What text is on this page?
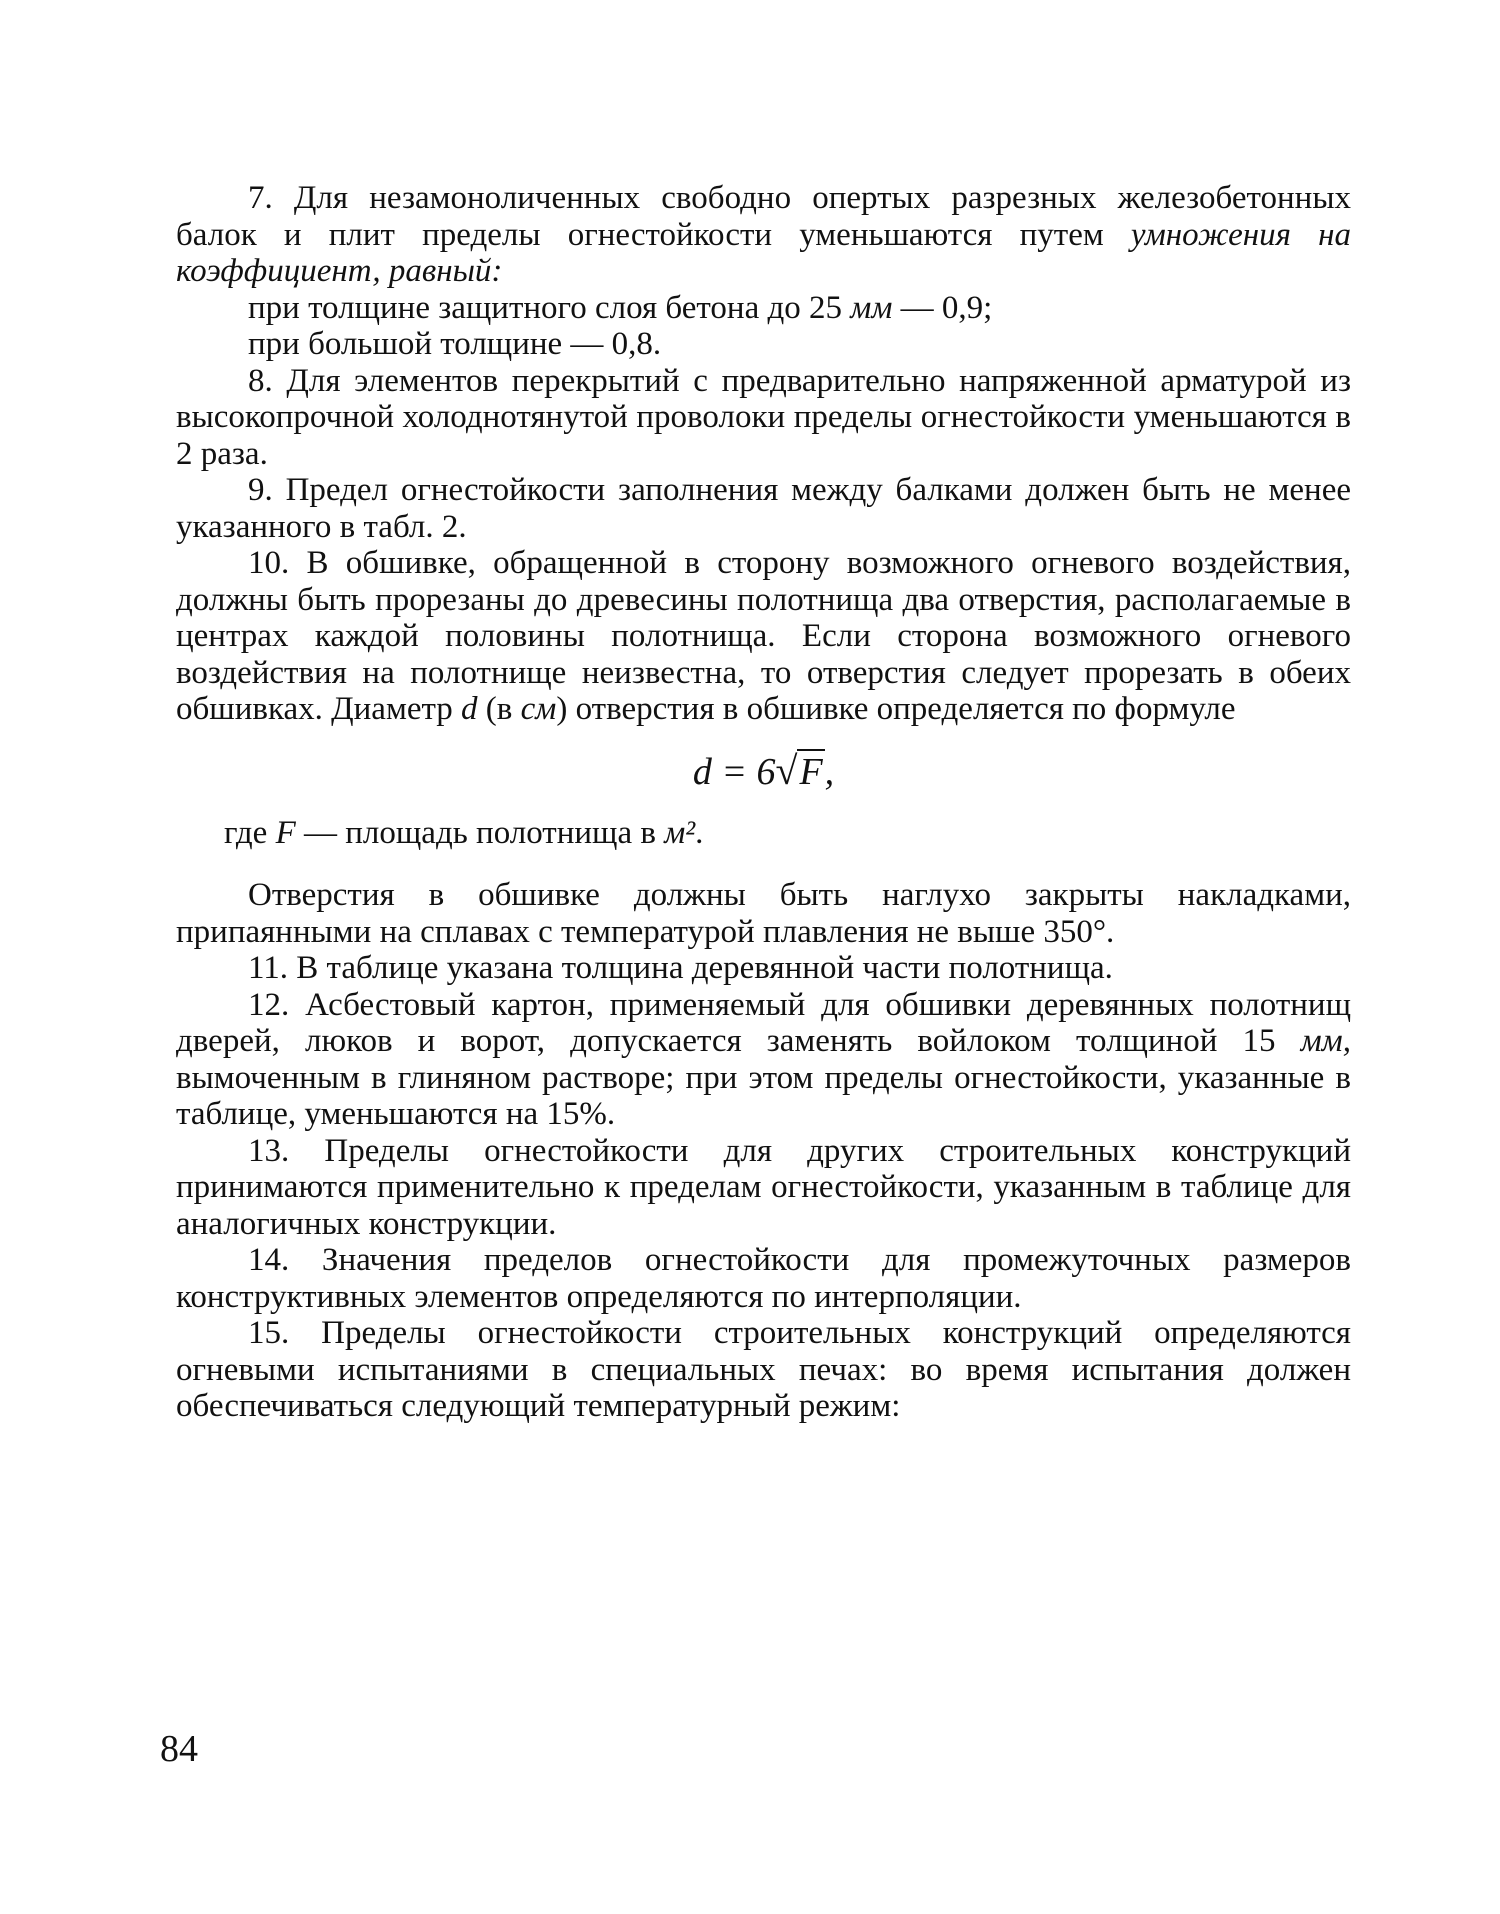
7. Для незамоноличенных свободно опертых разрезных железобетонных балок и плит пределы огнестойкости уменьшаются путем умножения на коэффициент, равный:

при толщине защитного слоя бетона до 25 мм — 0,9;

при большой толщине — 0,8.

8. Для элементов перекрытий с предварительно напряженной арматурой из высокопрочной холоднотянутой проволоки пределы огнестойкости уменьшаются в 2 раза.

9. Предел огнестойкости заполнения между балками должен быть не менее указанного в табл. 2.

10. В обшивке, обращенной в сторону возможного огневого воздействия, должны быть прорезаны до древесины полотнища два отверстия, располагаемые в центрах каждой половины полотнища. Если сторона возможного огневого воздействия на полотнище неизвестна, то отверстия следует прорезать в обеих обшивках. Диаметр d (в см) отверстия в обшивке определяется по формуле

d = 6√F,

где F — площадь полотнища в м².

Отверстия в обшивке должны быть наглухо закрыты накладками, припаянными на сплавах с температурой плавления не выше 350°.

11. В таблице указана толщина деревянной части полотнища.

12. Асбестовый картон, применяемый для обшивки деревянных полотнищ дверей, люков и ворот, допускается заменять войлоком толщиной 15 мм, вымоченным в глиняном растворе; при этом пределы огнестойкости, указанные в таблице, уменьшаются на 15%.

13. Пределы огнестойкости для других строительных конструкций принимаются применительно к пределам огнестойкости, указанным в таблице для аналогичных конструкции.

14. Значения пределов огнестойкости для промежуточных размеров конструктивных элементов определяются по интерполяции.

15. Пределы огнестойкости строительных конструкций определяются огневыми испытаниями в специальных печах: во время испытания должен обеспечиваться следующий температурный режим:

84
